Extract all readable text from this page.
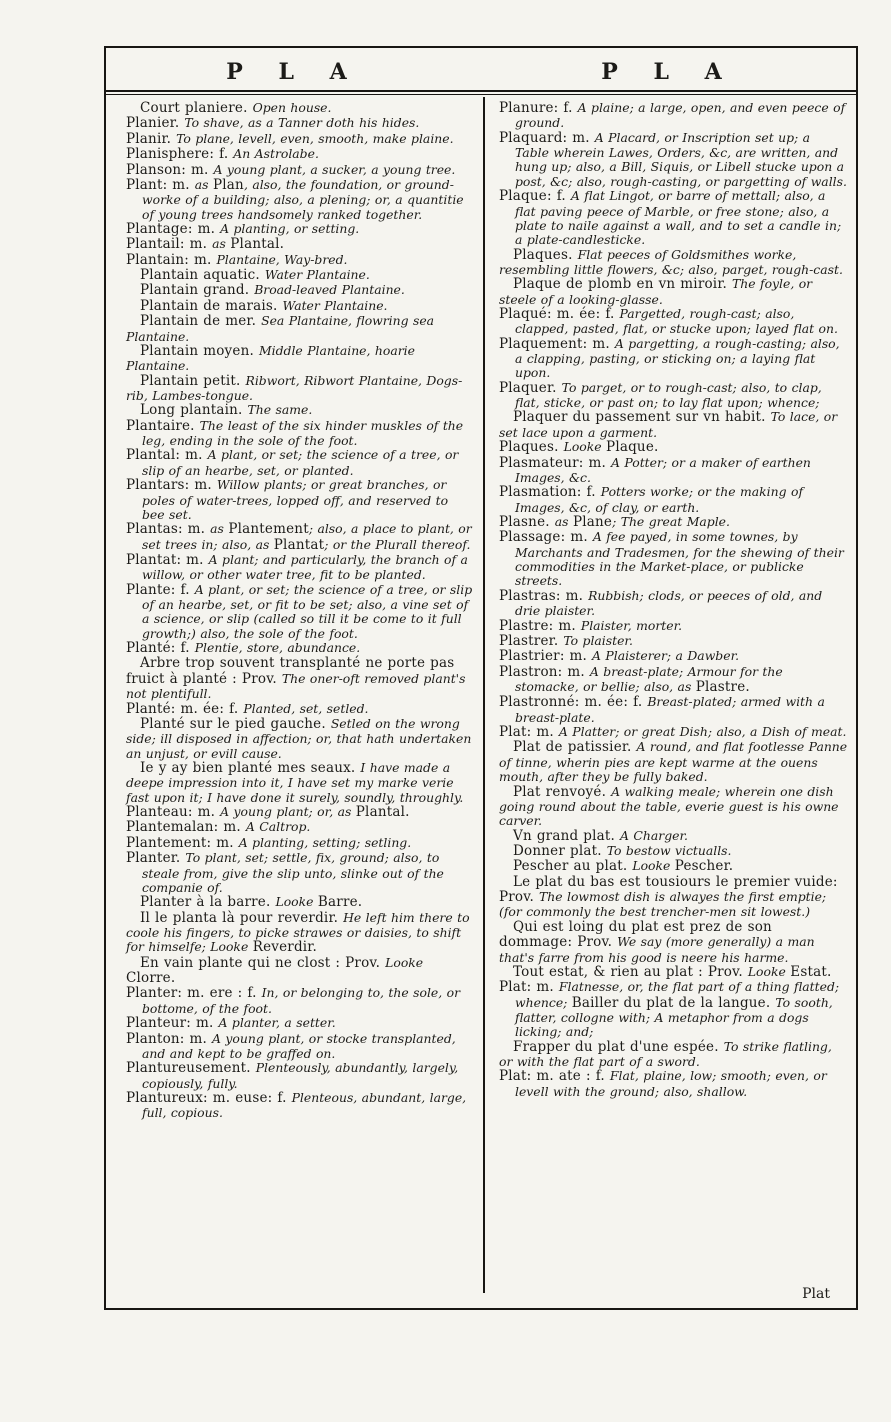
P L A	P L A

Court planiere. Open house.

Planier. To shave, as a Tanner doth his hides.

Planir. To plane, levell, even, smooth, make plaine.

Planisphere: f. An Astrolabe.

Planson: m. A young plant, a sucker, a young tree.

Plant: m. as Plan, also, the foundation, or ground-worke of a building; also, a plening; or, a quantitie of young trees handsomely ranked together.

Plantage: m. A planting, or setting.

Plantail: m. as Plantal.

Plantain: m. Plantaine, Way-bred.

Plantain aquatic. Water Plantaine.

Plantain grand. Broad-leaved Plantaine.

Plantain de marais. Water Plantaine.

Plantain de mer. Sea Plantaine, flowring sea Plantaine.

Plantain moyen. Middle Plantaine, hoarie Plantaine.

Plantain petit. Ribwort, Ribwort Plantaine, Dogs-rib, Lambes-tongue.

Long plantain. The same.

Plantaire. The least of the six hinder muskles of the leg, ending in the sole of the foot.

Plantal: m. A plant, or set; the science of a tree, or slip of an hearbe, set, or planted.

Plantars: m. Willow plants; or great branches, or poles of water-trees, lopped off, and reserved to bee set.

Plantas: m. as Plantement; also, a place to plant, or set trees in; also, as Plantat; or the Plurall thereof.

Plantat: m. A plant; and particularly, the branch of a willow, or other water tree, fit to be planted.

Plante: f. A plant, or set; the science of a tree, or slip of an hearbe, set, or fit to be set; also, a vine set of a science, or slip (called so till it be come to it full growth;) also, the sole of the foot.

Planté: f. Plentie, store, abundance.

Arbre trop souvent transplanté ne porte pas fruict à planté : Prov. The oner-oft removed plant's not plentifull.

Planté: m. ée: f. Planted, set, setled.

Planté sur le pied gauche. Setled on the wrong side; ill disposed in affection; or, that hath undertaken an unjust, or evill cause.

Ie y ay bien planté mes seaux. I have made a deepe impression into it, I have set my marke verie fast upon it; I have done it surely, soundly, throughly.

Planteau: m. A young plant; or, as Plantal.

Plantemalan: m. A Caltrop.

Plantement: m. A planting, setting; setling.

Planter. To plant, set; settle, fix, ground; also, to steale from, give the slip unto, slinke out of the companie of.

Planter à la barre. Looke Barre.

Il le planta là pour reverdir. He left him there to coole his fingers, to picke strawes or daisies, to shift for himselfe; Looke Reverdir.

En vain plante qui ne clost : Prov. Looke Clorre.

Planter: m. ere : f. In, or belonging to, the sole, or bottome, of the foot.

Planteur: m. A planter, a setter.

Planton: m. A young plant, or stocke transplanted, and and kept to be graffed on.

Plantureusement. Plenteously, abundantly, largely, copiously, fully.

Plantureux: m. euse: f. Plenteous, abundant, large, full, copious.

Planure: f. A plaine; a large, open, and even peece of ground.

Plaquard: m. A Placard, or Inscription set up; a Table wherein Lawes, Orders, &c, are written, and hung up; also, a Bill, Siquis, or Libell stucke upon a post, &c; also, rough-casting, or pargetting of walls.

Plaque: f. A flat Lingot, or barre of mettall; also, a flat paving peece of Marble, or free stone; also, a plate to naile against a wall, and to set a candle in; a plate-candlesticke.

Plaques. Flat peeces of Goldsmithes worke, resembling little flowers, &c; also, parget, rough-cast.

Plaque de plomb en vn miroir. The foyle, or steele of a looking-glasse.

Plaqué: m. ée: f. Pargetted, rough-cast; also, clapped, pasted, flat, or stucke upon; layed flat on.

Plaquement: m. A pargetting, a rough-casting; also, a clapping, pasting, or sticking on; a laying flat upon.

Plaquer. To parget, or to rough-cast; also, to clap, flat, sticke, or past on; to lay flat upon; whence;

Plaquer du passement sur vn habit. To lace, or set lace upon a garment.

Plaques. Looke Plaque.

Plasmateur: m. A Potter; or a maker of earthen Images, &c.

Plasmation: f. Potters worke; or the making of Images, &c, of clay, or earth.

Plasne. as Plane; The great Maple.

Plassage: m. A fee payed, in some townes, by Marchants and Tradesmen, for the shewing of their commodities in the Market-place, or publicke streets.

Plastras: m. Rubbish; clods, or peeces of old, and drie plaister.

Plastre: m. Plaister, morter.

Plastrer. To plaister.

Plastrier: m. A Plaisterer; a Dawber.

Plastron: m. A breast-plate; Armour for the stomacke, or bellie; also, as Plastre.

Plastronné: m. ée: f. Breast-plated; armed with a breast-plate.

Plat: m. A Platter; or great Dish; also, a Dish of meat.

Plat de patissier. A round, and flat footlesse Panne of tinne, wherin pies are kept warme at the ouens mouth, after they be fully baked.

Plat renvoyé. A walking meale; wherein one dish going round about the table, everie guest is his owne carver.

Vn grand plat. A Charger.

Donner plat. To bestow victualls.

Pescher au plat. Looke Pescher.

Le plat du bas est tousiours le premier vuide: Prov. The lowmost dish is alwayes the first emptie; (for commonly the best trencher-men sit lowest.)

Qui est loing du plat est prez de son dommage: Prov. We say (more generally) a man that's farre from his good is neere his harme.

Tout estat, & rien au plat : Prov. Looke Estat.

Plat: m. Flatnesse, or, the flat part of a thing flatted; whence; Bailler du plat de la langue. To sooth, flatter, collogne with; A metaphor from a dogs licking; and;

Frapper du plat d'une espée. To strike flatling, or with the flat part of a sword.

Plat: m. ate : f. Flat, plaine, low; smooth; even, or levell with the ground; also, shallow.

Plat
